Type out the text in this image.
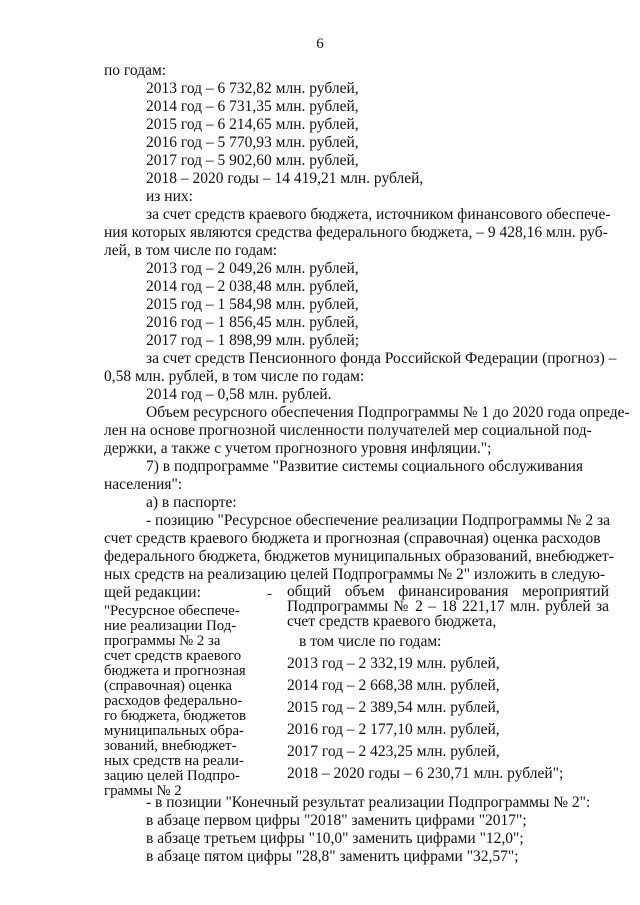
6
по годам:
2013 год – 6 732,82 млн. рублей,
2014 год – 6 731,35 млн. рублей,
2015 год – 6 214,65 млн. рублей,
2016 год – 5 770,93 млн. рублей,
2017 год – 5 902,60 млн. рублей,
2018 – 2020 годы – 14 419,21 млн. рублей,
из них:
за счет средств краевого бюджета, источником финансового обеспече-
ния которых являются средства федерального бюджета, – 9 428,16 млн. руб-
лей, в том числе по годам:
2013 год – 2 049,26 млн. рублей,
2014 год – 2 038,48 млн. рублей,
2015 год – 1 584,98 млн. рублей,
2016 год – 1 856,45 млн. рублей,
2017 год – 1 898,99 млн. рублей;
за счет средств Пенсионного фонда Российской Федерации (прогноз) –
0,58 млн. рублей, в том числе по годам:
2014 год – 0,58 млн. рублей.
Объем ресурсного обеспечения Подпрограммы № 1 до 2020 года опреде-
лен на основе прогнозной численности получателей мер социальной под-
держки, а также с учетом прогнозного уровня инфляции.";
7) в подпрограмме "Развитие системы социального обслуживания
населения":
а) в паспорте:
- позицию "Ресурсное обеспечение реализации Подпрограммы № 2 за
счет средств краевого бюджета и прогнозная (справочная) оценка расходов
федерального бюджета, бюджетов муниципальных образований, внебюджет-
ных средств на реализацию целей Подпрограммы № 2" изложить в следую-
щей редакции:
"Ресурсное обеспече-
ние реализации Под-
программы № 2 за
счет средств краевого
бюджета и прогнозная
(справочная) оценка
расходов федерально-
го бюджета, бюджетов
муниципальных обра-
зований, внебюджет-
ных средств на реали-
зацию целей Подпро-
граммы № 2
- общий объем финансирования мероприятий
Подпрограммы № 2 – 18 221,17 млн. рублей за
счет средств краевого бюджета,
в том числе по годам:
2013 год – 2 332,19 млн. рублей,
2014 год – 2 668,38 млн. рублей,
2015 год – 2 389,54 млн. рублей,
2016 год – 2 177,10 млн. рублей,
2017 год – 2 423,25 млн. рублей,
2018 – 2020 годы – 6 230,71 млн. рублей";
- в позиции "Конечный результат реализации Подпрограммы № 2":
в абзаце первом цифры "2018" заменить цифрами "2017";
в абзаце третьем цифры "10,0" заменить цифрами "12,0";
в абзаце пятом цифры "28,8" заменить цифрами "32,57";
